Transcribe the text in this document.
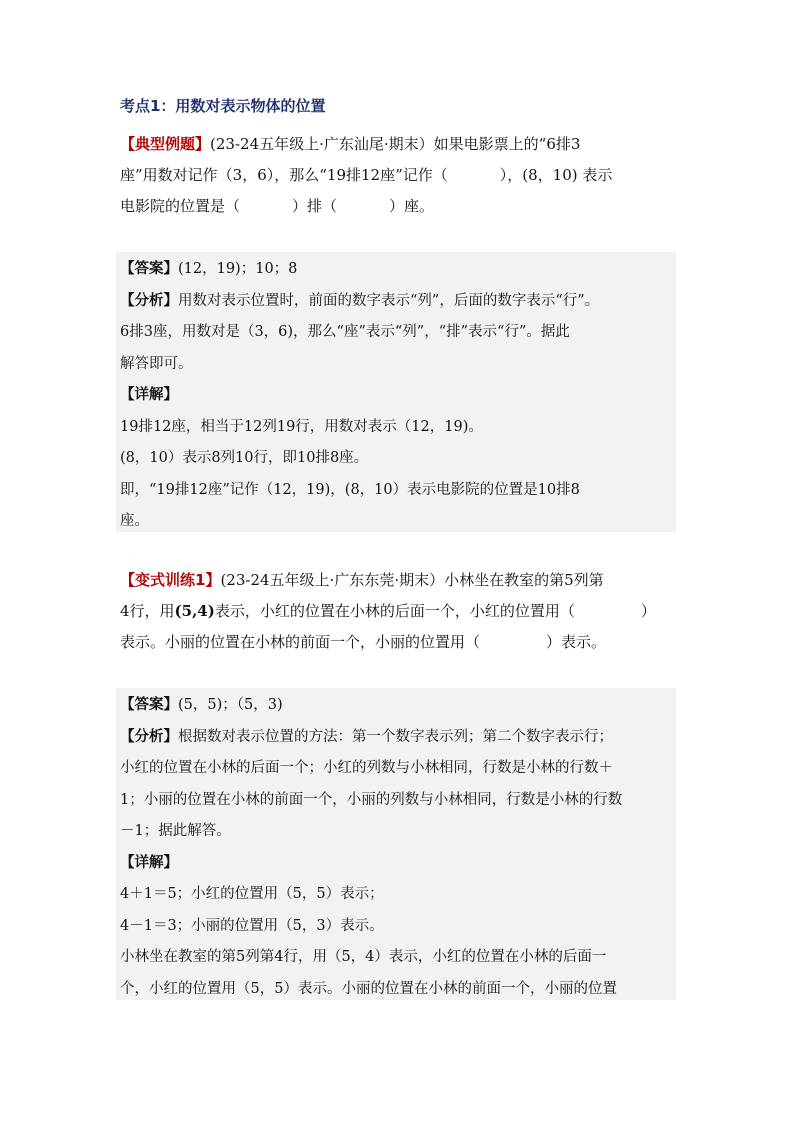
考点1：用数对表示物体的位置
【典型例题】(23-24五年级上·广东汕尾·期末）如果电影票上的“6排3
座”用数对记作（3，6），那么“19排12座”记作（	），(8，10) 表示
电影院的位置是（	）排（	）座。
【答案】(12，19)；10；8
【分析】用数对表示位置时，前面的数字表示“列”，后面的数字表示“行”。
6排3座，用数对是（3，6)，那么“座”表示“列”，“排”表示“行”。据此
解答即可。
【详解】
19排12座，相当于12列19行，用数对表示（12，19)。
(8，10）表示8列10行，即10排8座。
即，“19排12座”记作（12，19)，(8，10）表示电影院的位置是10排8
座。
【变式训练1】(23-24五年级上·广东东莞·期末）小林坐在教室的第5列第
4行，用(5,4)表示，小红的位置在小林的后面一个，小红的位置用（	）
表示。小丽的位置在小林的前面一个，小丽的位置用（	）表示。
【答案】(5，5)；（5，3)
【分析】根据数对表示位置的方法：第一个数字表示列；第二个数字表示行；
小红的位置在小林的后面一个；小红的列数与小林相同，行数是小林的行数＋
1；小丽的位置在小林的前面一个，小丽的列数与小林相同，行数是小林的行数
－1；据此解答。
【详解】
4＋1＝5；小红的位置用（5，5）表示；
4－1＝3；小丽的位置用（5，3）表示。
小林坐在教室的第5列第4行，用（5，4）表示，小红的位置在小林的后面一
个，小红的位置用（5，5）表示。小丽的位置在小林的前面一个，小丽的位置
